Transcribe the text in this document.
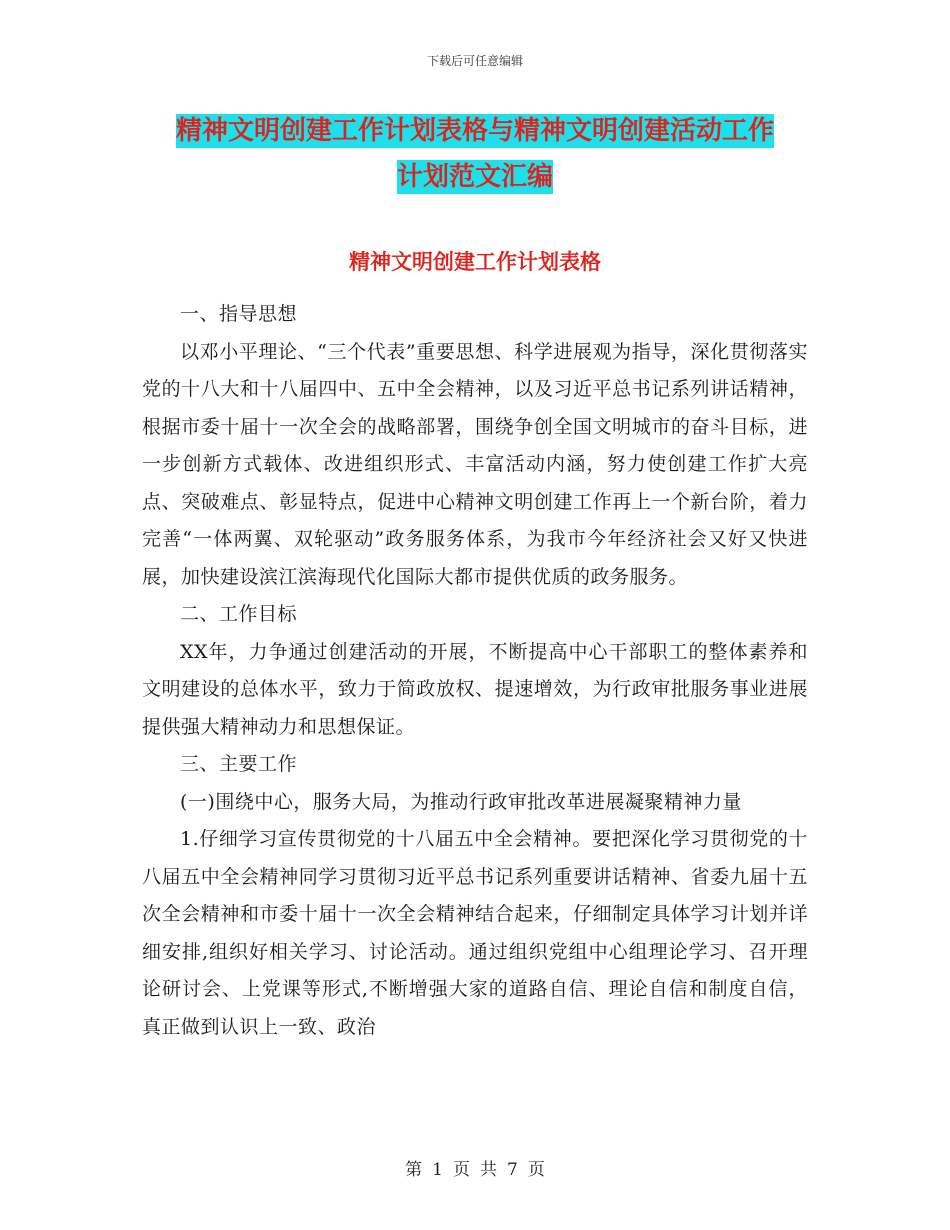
下载后可任意编辑
精神文明创建工作计划表格与精神文明创建活动工作
计划范文汇编
精神文明创建工作计划表格

一、指导思想

以邓小平理论、“三个代表”重要思想、科学进展观为指导，深化贯彻落实党的十八大和十八届四中、五中全会精神，以及习近平总书记系列讲话精神，根据市委十届十一次全会的战略部署，围绕争创全国文明城市的奋斗目标，进一步创新方式载体、改进组织形式、丰富活动内涵，努力使创建工作扩大亮点、突破难点、彰显特点，促进中心精神文明创建工作再上一个新台阶，着力完善“一体两翼、双轮驱动”政务服务体系，为我市今年经济社会又好又快进展，加快建设滨江滨海现代化国际大都市提供优质的政务服务。

二、工作目标

XX年，力争通过创建活动的开展，不断提高中心干部职工的整体素养和文明建设的总体水平，致力于简政放权、提速增效，为行政审批服务事业进展提供强大精神动力和思想保证。

三、主要工作

(一)围绕中心，服务大局，为推动行政审批改革进展凝聚精神力量

1.仔细学习宣传贯彻党的十八届五中全会精神。要把深化学习贯彻党的十八届五中全会精神同学习贯彻习近平总书记系列重要讲话精神、省委九届十五次全会精神和市委十届十一次全会精神结合起来，仔细制定具体学习计划并详细安排,组织好相关学习、讨论活动。通过组织党组中心组理论学习、召开理论研讨会、上党课等形式,不断增强大家的道路自信、理论自信和制度自信，真正做到认识上一致、政治

第 1 页 共 7 页
